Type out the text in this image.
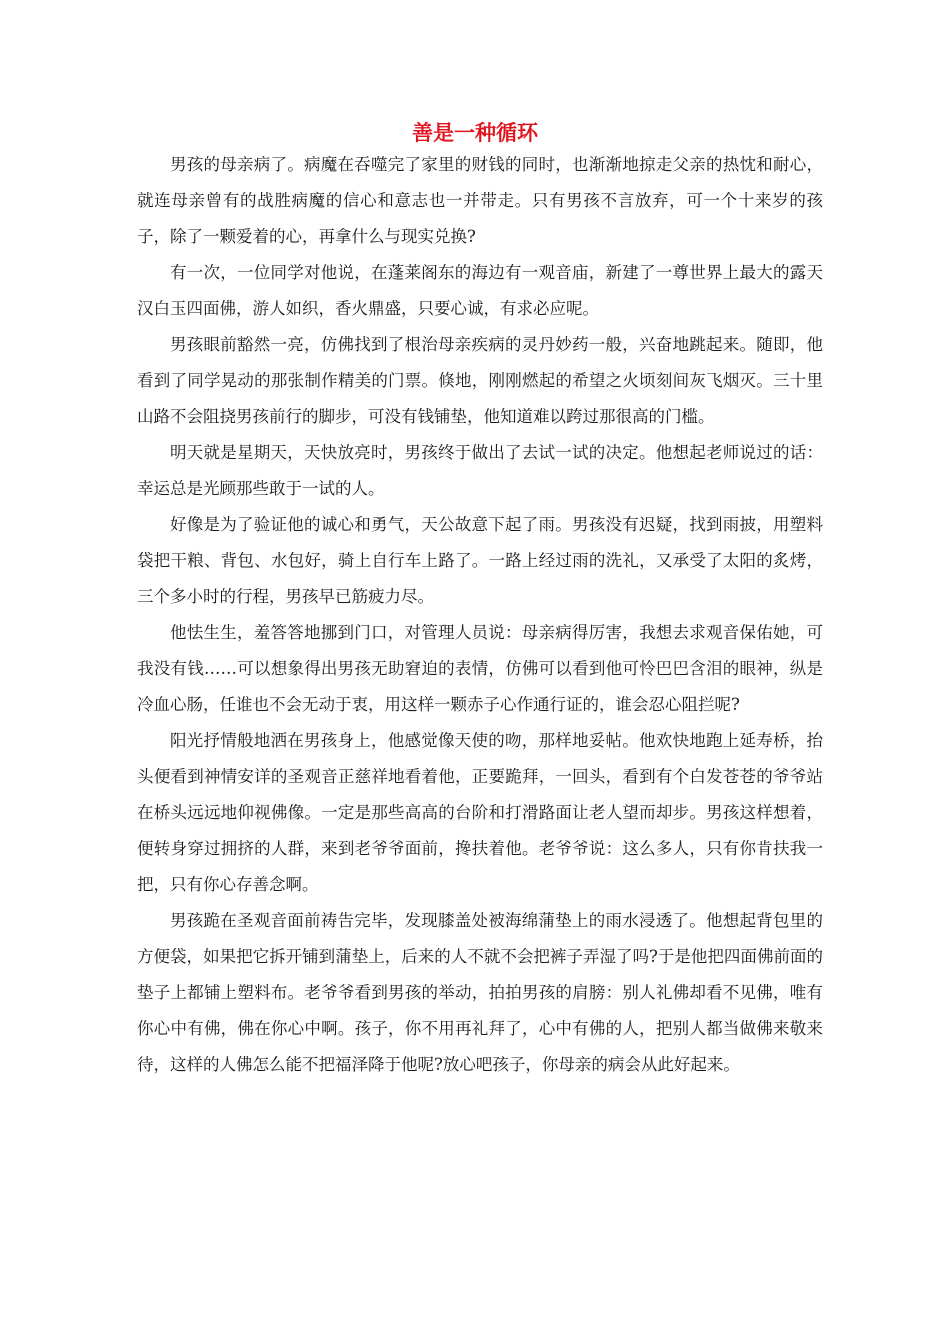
善是一种循环

男孩的母亲病了。病魔在吞噬完了家里的财钱的同时，也渐渐地掠走父亲的热忱和耐心，就连母亲曾有的战胜病魔的信心和意志也一并带走。只有男孩不言放弃，可一个十来岁的孩子，除了一颗爱着的心，再拿什么与现实兑换?

有一次，一位同学对他说，在蓬莱阁东的海边有一观音庙，新建了一尊世界上最大的露天汉白玉四面佛，游人如织，香火鼎盛，只要心诚，有求必应呢。

男孩眼前豁然一亮，仿佛找到了根治母亲疾病的灵丹妙药一般，兴奋地跳起来。随即，他看到了同学晃动的那张制作精美的门票。倏地，刚刚燃起的希望之火顷刻间灰飞烟灭。三十里山路不会阻挠男孩前行的脚步，可没有钱铺垫，他知道难以跨过那很高的门槛。

明天就是星期天，天快放亮时，男孩终于做出了去试一试的决定。他想起老师说过的话：幸运总是光顾那些敢于一试的人。

好像是为了验证他的诚心和勇气，天公故意下起了雨。男孩没有迟疑，找到雨披，用塑料袋把干粮、背包、水包好，骑上自行车上路了。一路上经过雨的洗礼，又承受了太阳的炙烤，三个多小时的行程，男孩早已筋疲力尽。

他怯生生，羞答答地挪到门口，对管理人员说：母亲病得厉害，我想去求观音保佑她，可我没有钱……可以想象得出男孩无助窘迫的表情，仿佛可以看到他可怜巴巴含泪的眼神，纵是冷血心肠，任谁也不会无动于衷，用这样一颗赤子心作通行证的，谁会忍心阻拦呢?

阳光抒情般地洒在男孩身上，他感觉像天使的吻，那样地妥帖。他欢快地跑上延寿桥，抬头便看到神情安详的圣观音正慈祥地看着他，正要跪拜，一回头，看到有个白发苍苍的爷爷站在桥头远远地仰视佛像。一定是那些高高的台阶和打滑路面让老人望而却步。男孩这样想着，便转身穿过拥挤的人群，来到老爷爷面前，搀扶着他。老爷爷说：这么多人，只有你肯扶我一把，只有你心存善念啊。

男孩跪在圣观音面前祷告完毕，发现膝盖处被海绵蒲垫上的雨水浸透了。他想起背包里的方便袋，如果把它拆开铺到蒲垫上，后来的人不就不会把裤子弄湿了吗?于是他把四面佛前面的垫子上都铺上塑料布。老爷爷看到男孩的举动，拍拍男孩的肩膀：别人礼佛却看不见佛，唯有你心中有佛，佛在你心中啊。孩子，你不用再礼拜了，心中有佛的人，把别人都当做佛来敬来待，这样的人佛怎么能不把福泽降于他呢?放心吧孩子，你母亲的病会从此好起来。
